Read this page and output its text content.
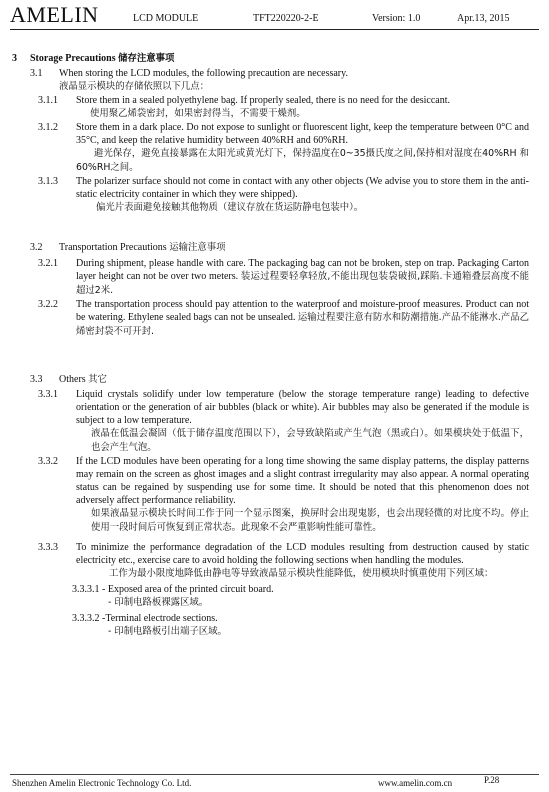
AMELIN	LCD MODULE	TFT220220-2-E	Version: 1.0	Apr.13, 2015
3	Storage Precautions
储存注意事项
3.1	When storing the LCD modules, the following precaution are necessary.
液晶显示模块的存储依照以下几点：
3.1.1	Store them in a sealed polyethylene bag. If properly sealed, there is no need for the desiccant.
使用聚乙烯袋密封，如果密封得当，不需要干燥剂。
3.1.2	Store them in a dark place. Do not expose to sunlight or fluorescent light, keep the temperature between 0°C and 35°C, and keep the relative humidity between 40%RH and 60%RH.
避光保存，避免直接暴露在太阳光或黄光灯下，保持温度在0~35摄氏度之间,保持相对湿度在40%RH 和 60%RH之间。
3.1.3	The polarizer surface should not come in contact with any other objects (We advise you to store them in the anti-static electricity container in which they were shipped).
偏光片表面避免接触其他物质（建议存放在货运防静电包装中）。
3.2	Transportation Precautions
运输注意事项
3.2.1	During shipment, please handle with care. The packaging bag can not be broken, step on trap. Packaging Carton layer height can not be over two meters. 装运过程要轻拿轻放,不能出现包装袋破损,踩陷.卡通箱叠层高度不能超过2米.
3.2.2	The transportation process should pay attention to the waterproof and moisture-proof measures. Product can not be watering. Ethylene sealed bags can not be unsealed. 运输过程要注意有防水和防潮措施.产品不能淋水.产品乙烯密封袋不可开封.
3.3	Others
其它
3.3.1	Liquid crystals solidify under low temperature (below the storage temperature range) leading to defective orientation or the generation of air bubbles (black or white). Air bubbles may also be generated if the module is subject to a low temperature.
液晶在低温会凝固（低于储存温度范围以下），会导致缺陷或产生气泡（黑或白）。如果模块处于低温下，也会产生气泡。
3.3.2	If the LCD modules have been operating for a long time showing the same display patterns, the display patterns may remain on the screen as ghost images and a slight contrast irregularity may also appear. A normal operating status can be regained by suspending use for some time. It should be noted that this phenomenon does not adversely affect performance reliability.
如果液晶显示模块长时间工作于同一个显示图案，换屏时会出现鬼影，也会出现轻微的对比度不均。停止使用一段时间后可恢复到正常状态。此现象不会严重影响性能可靠性。
3.3.3	To minimize the performance degradation of the LCD modules resulting from destruction caused by static electricity etc., exercise care to avoid holding the following sections when handling the modules.
工作为最小限度地降低由静电等导致液晶显示模块性能降低，使用模块时慎重使用下列区域：
3.3.3.1 - Exposed area of the printed circuit board.
- 印制电路板裸露区域。
3.3.3.2 -Terminal electrode sections.
- 印制电路板引出端子区域。
Shenzhen Amelin Electronic Technology Co. Ltd.	www.amelin.com.cn	P.28
